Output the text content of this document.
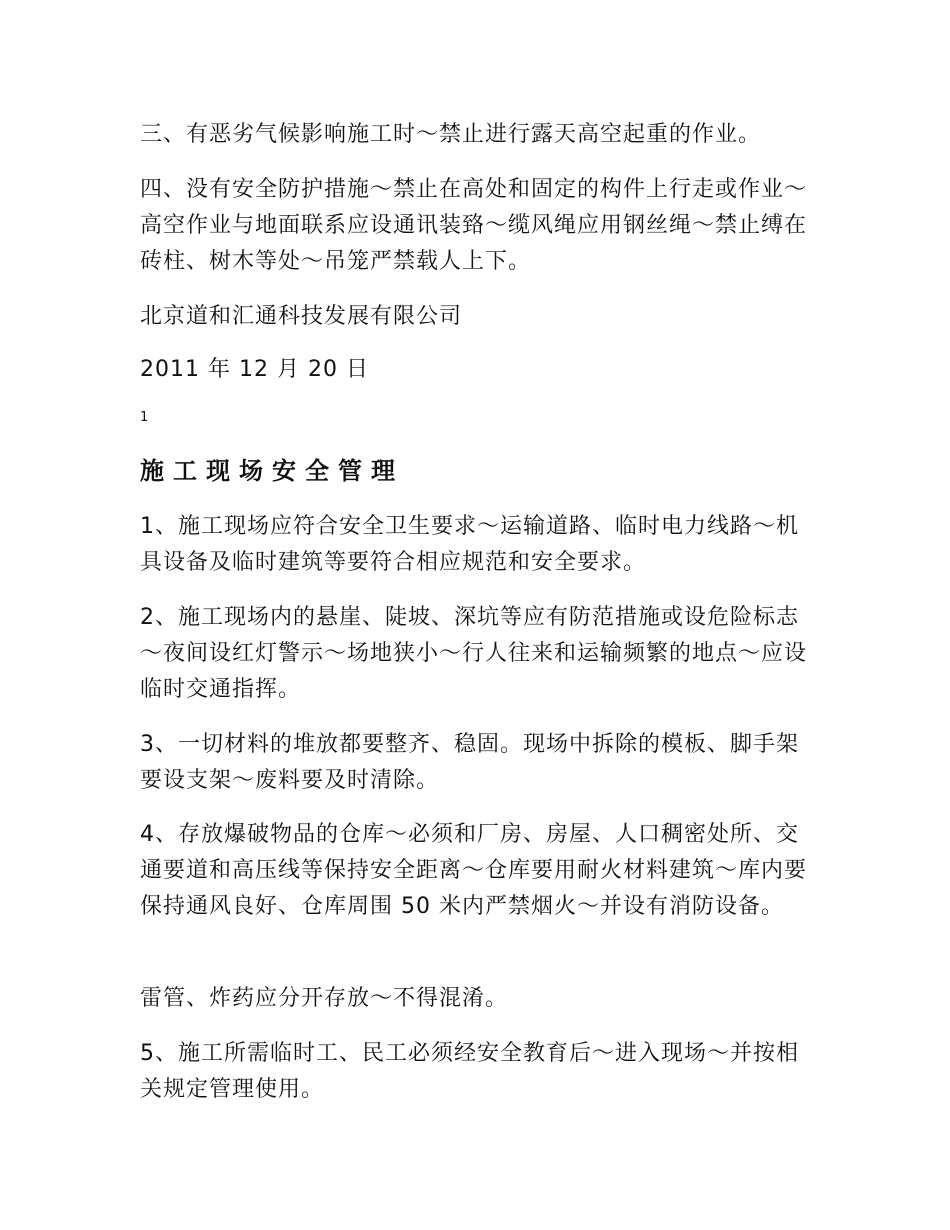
三、有恶劣气候影响施工时～禁止进行露天高空起重的作业。

四、没有安全防护措施～禁止在高处和固定的构件上行走或作业～高空作业与地面联系应设通讯装臵～缆风绳应用钢丝绳～禁止缚在砖柱、树木等处～吊笼严禁载人上下。

北京道和汇通科技发展有限公司

2011 年 12 月 20 日

1

施工现场安全管理

1、施工现场应符合安全卫生要求～运输道路、临时电力线路～机具设备及临时建筑等要符合相应规范和安全要求。

2、施工现场内的悬崖、陡坡、深坑等应有防范措施或设危险标志～夜间设红灯警示～场地狭小～行人往来和运输频繁的地点～应设临时交通指挥。

3、一切材料的堆放都要整齐、稳固。现场中拆除的模板、脚手架要设支架～废料要及时清除。

4、存放爆破物品的仓库～必须和厂房、房屋、人口稠密处所、交通要道和高压线等保持安全距离～仓库要用耐火材料建筑～库内要保持通风良好、仓库周围 50 米内严禁烟火～并设有消防设备。

雷管、炸药应分开存放～不得混淆。

5、施工所需临时工、民工必须经安全教育后～进入现场～并按相关规定管理使用。
